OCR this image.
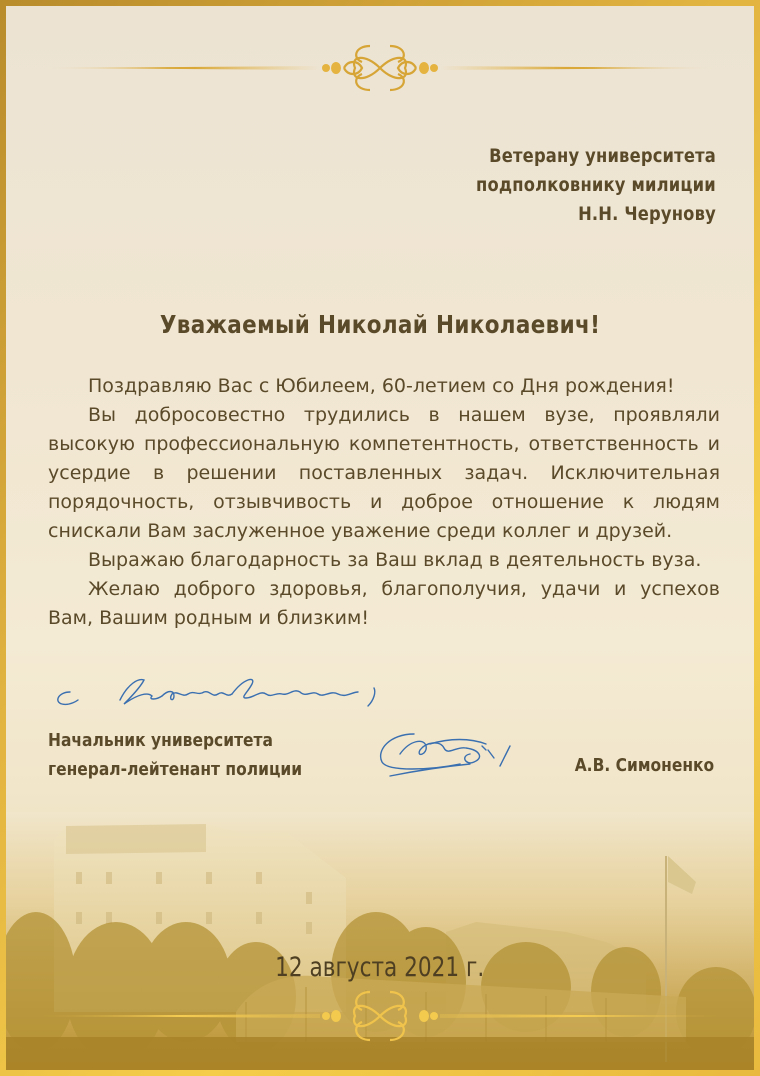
Ветерану университета
подполковнику милиции
Н.Н. Черунову
Уважаемый Николай Николаевич!

Поздравляю Вас с Юбилеем, 60-летием со Дня рождения!

Вы добросовестно трудились в нашем вузе, проявляли высокую профессиональную компетентность, ответственность и усердие в решении поставленных задач. Исключительная порядочность, отзывчивость и доброе отношение к людям снискали Вам заслуженное уважение среди коллег и друзей.

Выражаю благодарность за Ваш вклад в деятельность вуза.

Желаю доброго здоровья, благополучия, удачи и успехов Вам, Вашим родным и близким!

Начальник университета
генерал-лейтенант полиции	А.В. Симоненко
12 августа 2021 г.
